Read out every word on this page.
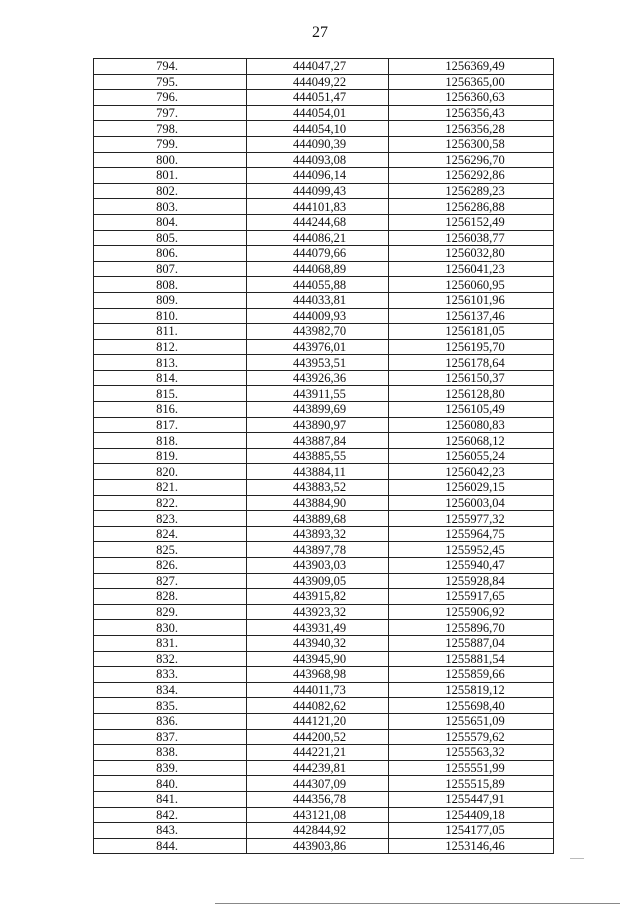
27
794.	444047,27	1256369,49
795.	444049,22	1256365,00
796.	444051,47	1256360,63
797.	444054,01	1256356,43
798.	444054,10	1256356,28
799.	444090,39	1256300,58
800.	444093,08	1256296,70
801.	444096,14	1256292,86
802.	444099,43	1256289,23
803.	444101,83	1256286,88
804.	444244,68	1256152,49
805.	444086,21	1256038,77
806.	444079,66	1256032,80
807.	444068,89	1256041,23
808.	444055,88	1256060,95
809.	444033,81	1256101,96
810.	444009,93	1256137,46
811.	443982,70	1256181,05
812.	443976,01	1256195,70
813.	443953,51	1256178,64
814.	443926,36	1256150,37
815.	443911,55	1256128,80
816.	443899,69	1256105,49
817.	443890,97	1256080,83
818.	443887,84	1256068,12
819.	443885,55	1256055,24
820.	443884,11	1256042,23
821.	443883,52	1256029,15
822.	443884,90	1256003,04
823.	443889,68	1255977,32
824.	443893,32	1255964,75
825.	443897,78	1255952,45
826.	443903,03	1255940,47
827.	443909,05	1255928,84
828.	443915,82	1255917,65
829.	443923,32	1255906,92
830.	443931,49	1255896,70
831.	443940,32	1255887,04
832.	443945,90	1255881,54
833.	443968,98	1255859,66
834.	444011,73	1255819,12
835.	444082,62	1255698,40
836.	444121,20	1255651,09
837.	444200,52	1255579,62
838.	444221,21	1255563,32
839.	444239,81	1255551,99
840.	444307,09	1255515,89
841.	444356,78	1255447,91
842.	443121,08	1254409,18
843.	442844,92	1254177,05
844.	443903,86	1253146,46
